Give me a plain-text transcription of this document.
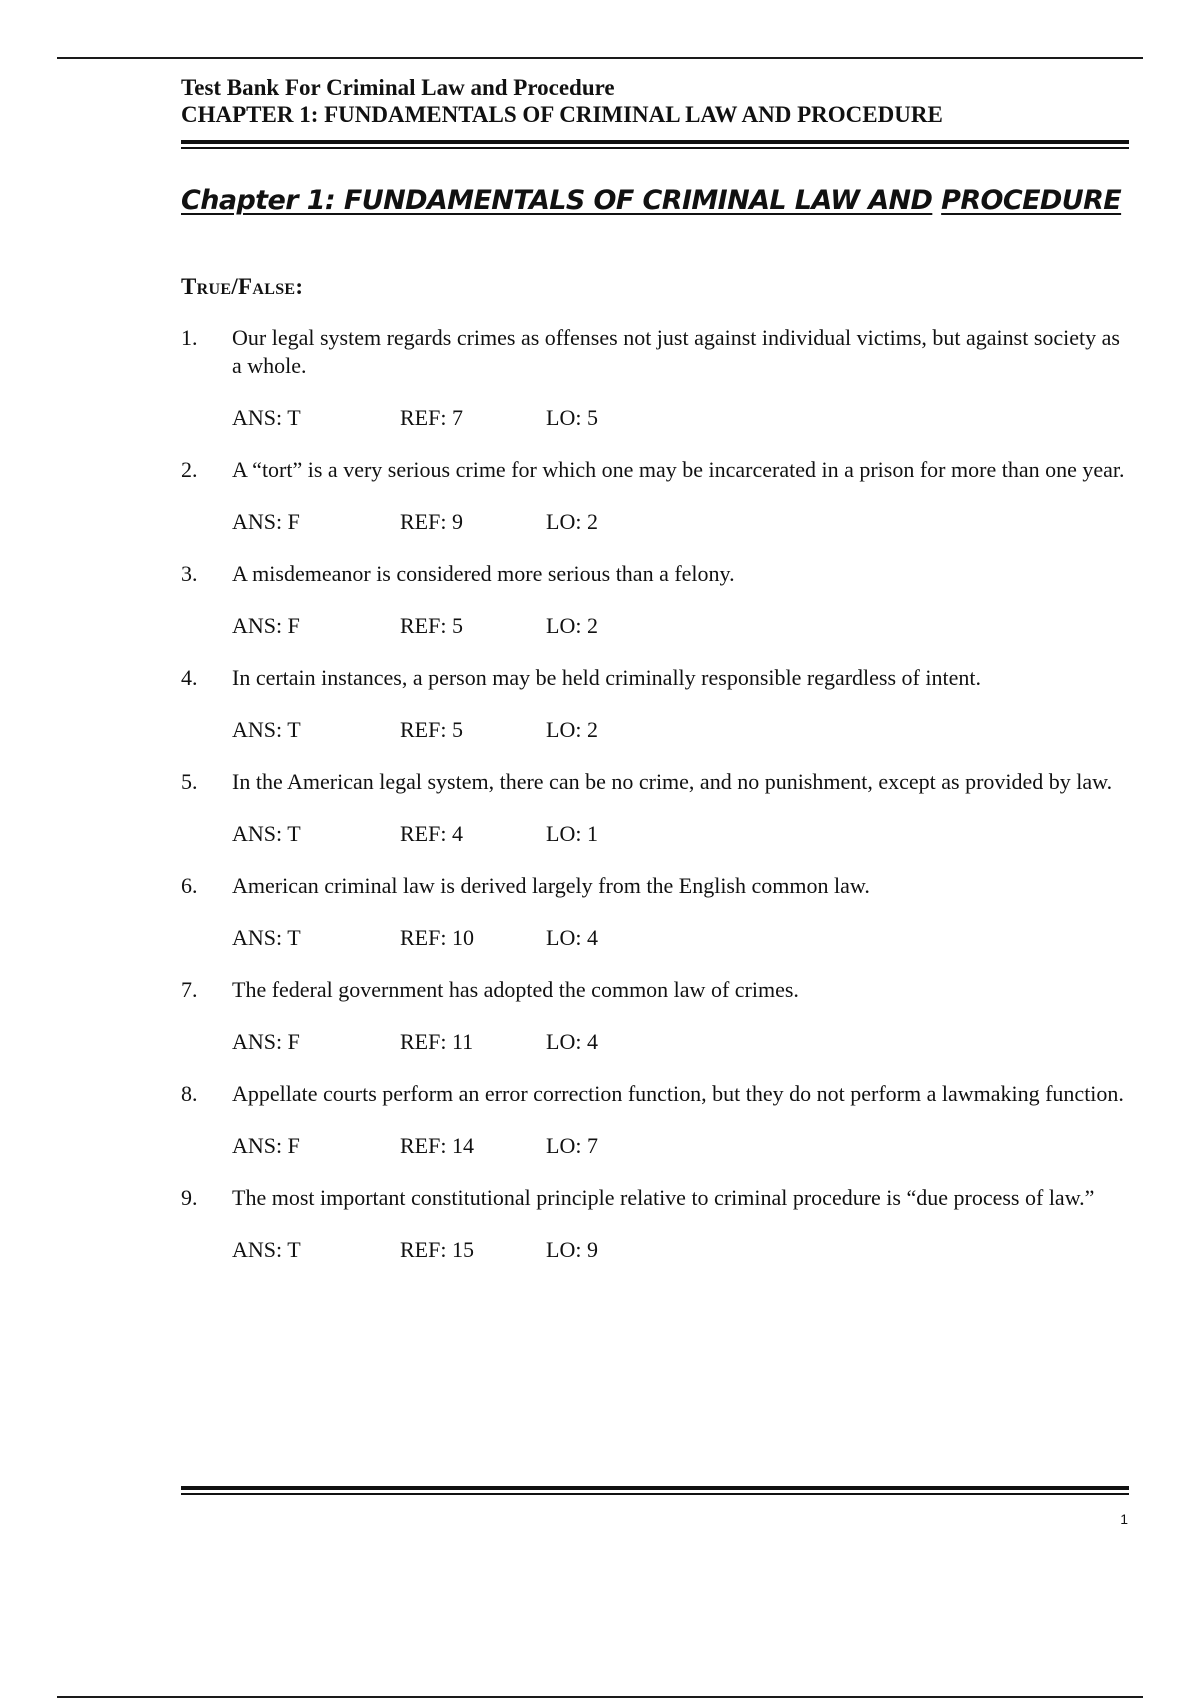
Test Bank For Criminal Law and Procedure

CHAPTER 1: FUNDAMENTALS OF CRIMINAL LAW AND PROCEDURE

Chapter 1: FUNDAMENTALS OF CRIMINAL LAW AND PROCEDURE
True/False:
1.	Our legal system regards crimes as offenses not just against individual victims, but against society as a whole.
ANS: T	REF: 7	LO: 5
2.	A “tort” is a very serious crime for which one may be incarcerated in a prison for more than one year.
ANS: F	REF: 9	LO: 2
3.	A misdemeanor is considered more serious than a felony.
ANS: F	REF: 5	LO: 2
4.	In certain instances, a person may be held criminally responsible regardless of intent.
ANS: T	REF: 5	LO: 2
5.	In the American legal system, there can be no crime, and no punishment, except as provided by law.
ANS: T	REF: 4	LO: 1
6.	American criminal law is derived largely from the English common law.
ANS: T	REF: 10	LO: 4
7.	The federal government has adopted the common law of crimes.
ANS: F	REF: 11	LO: 4
8.	Appellate courts perform an error correction function, but they do not perform a lawmaking function.
ANS: F	REF: 14	LO: 7
9.	The most important constitutional principle relative to criminal procedure is “due process of law.”
ANS: T	REF: 15	LO: 9
1
